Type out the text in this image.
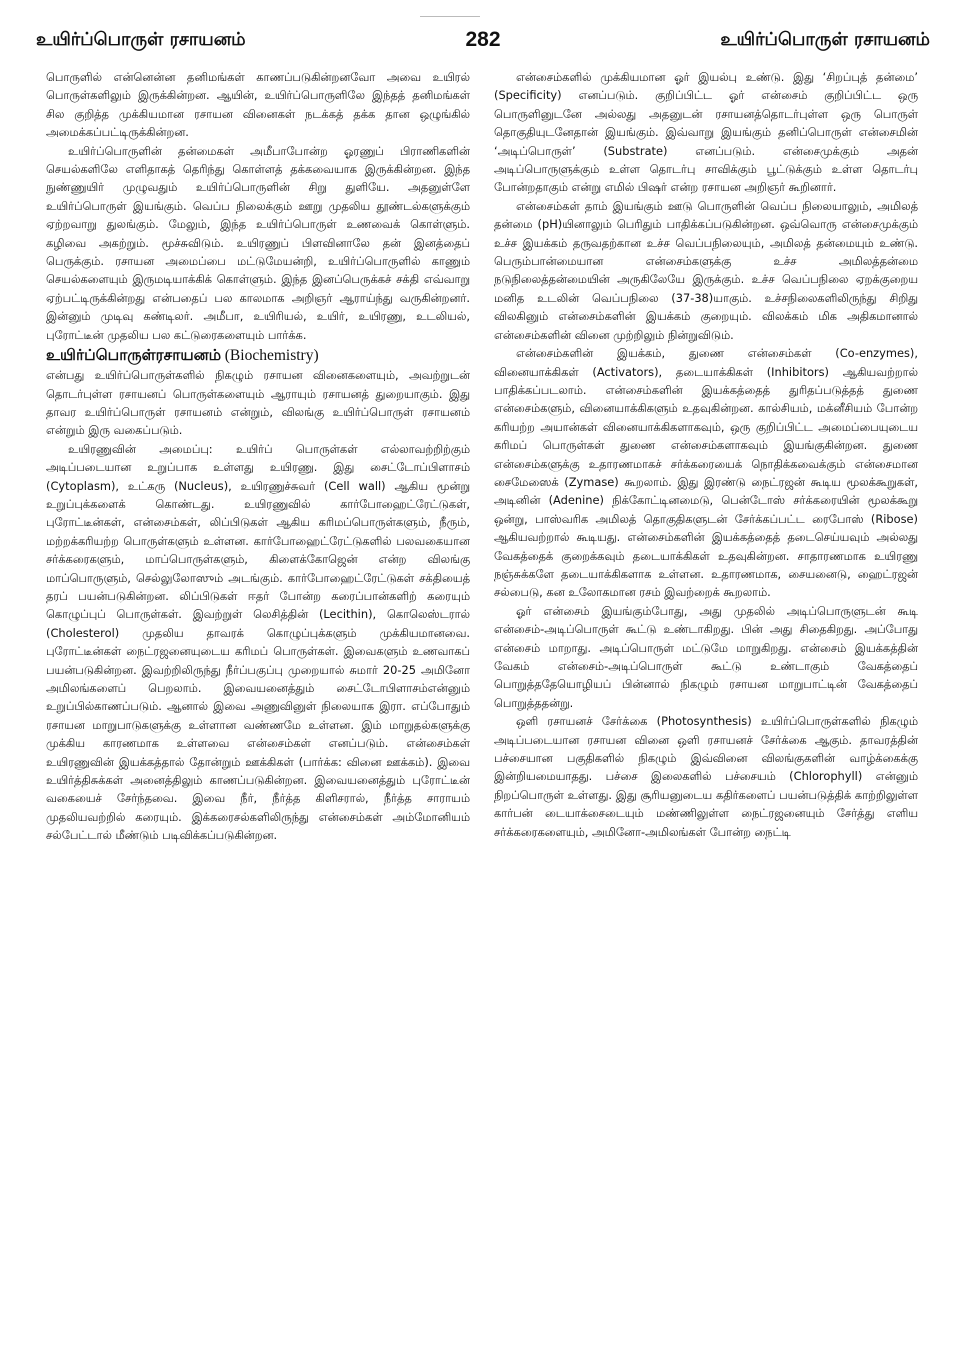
உயிர்ப்பொருள் ரசாயனம்	282	உயிர்ப்பொருள் ரசாயனம்

பொருளில் என்னென்ன தனிமங்கள் காணப்படுகின்றனவோ அவை உயிரல் பொருள்களிலும் இருக்கின்றன. ஆயின், உயிர்ப்பொருளிலே இந்தத் தனிமங்கள் சில குறித்த முக்கியமான ரசாயன வினைகள் நடக்கத் தக்க தான ஒழுங்கில் அமைக்கப்பட்டிருக்கின்றன.

உயிர்ப்பொருளின் தன்மைகள் அமீபாபோன்ற ஓரணுப் பிராணிகளின் செயல்களிலே எளிதாகத் தெரிந்து கொள்ளத் தக்கவையாக இருக்கின்றன. இந்த நுண்ணுயிர் முழுவதும் உயிர்ப்பொருளின் சிறு துளியே. அதனுள்ளே உயிர்ப்பொருள் இயங்கும். வெப்ப நிலைக்கும் ஊறு முதலிய தூண்டல்களுக்கும் ஏற்றவாறு துலங்கும். மேலும், இந்த உயிர்ப்பொருள் உணவைக் கொள்ளும். கழிவை அகற்றும். மூச்சுவிடும். உயிரணுப் பிளவினாலே தன் இனத்தைப் பெருக்கும். ரசாயன அமைப்பை மட்டுமேயன்றி, உயிர்ப்பொருளில் காணும் செயல்களையும் இருமடியாக்கிக் கொள்ளும். இந்த இனப்பெருக்கச் சக்தி எவ்வாறு ஏற்பட்டிருக்கின்றது என்பதைப் பல காலமாக அறிஞர் ஆராய்ந்து வருகின்றனர். இன்னும் முடிவு கண்டிலர். அமீபா, உயிரியல், உயிர், உயிரணு, உடலியல், புரோட்டீன் முதலிய பல கட்டுரைகளையும் பார்க்க.

உயிர்ப்பொருள்ரசாயனம் (Biochemistry)

என்பது உயிர்ப்பொருள்களில் நிகழும் ரசாயன வினைகளையும், அவற்றுடன் தொடர்புள்ள ரசாயனப் பொருள்களையும் ஆராயும் ரசாயனத் துறையாகும். இது தாவர உயிர்ப்பொருள் ரசாயனம் என்றும், விலங்கு உயிர்ப்பொருள் ரசாயனம் என்றும் இரு வகைப்படும்.

உயிரணுவின் அமைப்பு: உயிர்ப் பொருள்கள் எல்லாவற்றிற்கும் அடிப்படையான உறுப்பாக உள்ளது உயிரணு. இது சைட்டோப்பிளாசம் (Cytoplasm), உட்கரு (Nucleus), உயிரணுச்சுவர் (Cell wall) ஆகிய மூன்று உறுப்புக்களைக் கொண்டது. உயிரணுவில் கார்போஹைட்ரேட்டுகள், புரோட்டீன்கள், என்சைம்கள், லிப்பிடுகள் ஆகிய கரிமப்பொருள்களும், நீரும், மற்றக்கரியற்ற பொருள்களும் உள்ளன. கார்போஹைட்ரேட்டுகளில் பலவகையான சர்க்கரைகளும், மாப்பொருள்களும், கிளைக்கோஜென் என்ற விலங்கு மாப்பொருளும், செல்லுலோஸும் அடங்கும். கார்போஹைட்ரேட்டுகள் சக்தியைத் தரப் பயன்படுகின்றன. லிப்பிடுகள் ஈதர் போன்ற கரைப்பான்களிற் கரையும் கொழுப்புப் பொருள்கள். இவற்றுள் லெசித்தின் (Lecithin), கொலெஸ்டரால் (Cholesterol) முதலிய தாவரக் கொழுப்புக்களும் முக்கியமானவை. புரோட்டீன்கள் நைட்ரஜனையுடைய கரிமப் பொருள்கள். இவைகளும் உணவாகப் பயன்படுகின்றன. இவற்றிலிருந்து நீர்ப்பகுப்பு முறையால் சுமார் 20-25 அமினோ அமிலங்களைப் பெறலாம். இவையனைத்தும் சைட்டோபிளாசம்என்னும் உறுப்பில்காணப்படும். ஆனால் இவை அணுவினுள் நிலையாக இரா. எப்போதும் ரசாயன மாறுபாடுகளுக்கு உள்ளான வண்ணமே உள்ளன. இம் மாறுதல்களுக்கு முக்கிய காரணமாக உள்ளவை என்சைம்கள் எனப்படும். என்சைம்கள் உயிரணுவின் இயக்கத்தால் தோன்றும் ஊக்கிகள் (பார்க்க: வினை ஊக்கம்). இவை உயிர்த்திசுக்கள் அனைத்திலும் காணப்படுகின்றன. இவையனைத்தும் புரோட்டீன் வகையைச் சேர்ந்தவை. இவை நீர், நீர்த்த கிளிசரால், நீர்த்த சாராயம் முதலியவற்றில் கரையும். இக்கரைசல்களிலிருந்து என்சைம்கள் அம்மோனியம் சல்பேட்டால் மீண்டும் படிவிக்கப்படுகின்றன.

என்சைம்களில் முக்கியமான ஓர் இயல்பு உண்டு. இது ‘சிறப்புத் தன்மை’ (Specificity) எனப்படும். குறிப்பிட்ட ஓர் என்சைம் குறிப்பிட்ட ஒரு பொருளினுடனே அல்லது அதனுடன் ரசாயனத்தொடர்புள்ள ஒரு பொருள் தொகுதியுடனேதான் இயங்கும். இவ்வாறு இயங்கும் தனிப்பொருள் என்சைமின் ‘அடிப்பொருள்’ (Substrate) எனப்படும். என்சைமுக்கும் அதன் அடிப்பொருளுக்கும் உள்ள தொடர்பு சாவிக்கும் பூட்டுக்கும் உள்ள தொடர்பு போன்றதாகும் என்று எமில் பிஷர் என்ற ரசாயன அறிஞர் கூறினார்.

என்சைம்கள் தாம் இயங்கும் ஊடு பொருளின் வெப்ப நிலையாலும், அமிலத் தன்மை (pH)யினாலும் பெரிதும் பாதிக்கப்படுகின்றன. ஒவ்வொரு என்சைமுக்கும் உச்ச இயக்கம் தருவதற்கான உச்ச வெப்பநிலையும், அமிலத் தன்மையும் உண்டு. பெரும்பான்மையான என்சைம்களுக்கு உச்ச அமிலத்தன்மை நடுநிலைத்தன்மையின் அருகிலேயே இருக்கும். உச்ச வெப்பநிலை ஏறக்குறைய மனித உடலின் வெப்பநிலை (37-38)யாகும். உச்சநிலைகளிலிருந்து சிறிது விலகினும் என்சைம்களின் இயக்கம் குறையும். விலக்கம் மிக அதிகமானால் என்சைம்களின் வினை முற்றிலும் நின்றுவிடும்.

என்சைம்களின் இயக்கம், துணை என்சைம்கள் (Co-enzymes), வினையாக்கிகள் (Activators), தடையாக்கிகள் (Inhibitors) ஆகியவற்றால் பாதிக்கப்படலாம். என்சைம்களின் இயக்கத்தைத் துரிதப்படுத்தத் துணை என்சைம்களும், வினையாக்கிகளும் உதவுகின்றன. கால்சியம், மக்னீசியம் போன்ற கரியற்ற அயான்கள் வினையாக்கிகளாகவும், ஒரு குறிப்பிட்ட அமைப்பையுடைய கரிமப் பொருள்கள் துணை என்சைம்களாகவும் இயங்குகின்றன. துணை என்சைம்களுக்கு உதாரணமாகச் சர்க்கரையைக் நொதிக்கவைக்கும் என்சைமான சைமேஸைக் (Zymase) கூறலாம். இது இரண்டு நைட்ரஜன் கூடிய மூலக்கூறுகள், அடினின் (Adenine) நிக்கோட்டினமைடு, பென்டோஸ் சர்க்கரையின் மூலக்கூறு ஒன்று, பாஸ்வரிக அமிலத் தொகுதிகளுடன் சேர்க்கப்பட்ட ரைபோஸ் (Ribose) ஆகியவற்றால் கூடியது. என்சைம்களின் இயக்கத்தைத் தடைசெய்யவும் அல்லது வேகத்தைக் குறைக்கவும் தடையாக்கிகள் உதவுகின்றன. சாதாரணமாக உயிரணு நஞ்சுக்களே தடையாக்கிகளாக உள்ளன. உதாரணமாக, சையனைடு, ஹைட்ரஜன் சல்பைடு, கன உலோகமான ரசம் இவற்றைக் கூறலாம்.

ஓர் என்சைம் இயங்கும்போது, அது முதலில் அடிப்பொருளுடன் கூடி என்சைம்-அடிப்பொருள் கூட்டு உண்டாகிறது. பின் அது சிதைகிறது. அப்போது என்சைம் மாறாது. அடிப்பொருள் மட்டுமே மாறுகிறது. என்சைம் இயக்கத்தின் வேகம் என்சைம்-அடிப்பொருள் கூட்டு உண்டாகும் வேகத்தைப் பொறுத்ததேயொழியப் பின்னால் நிகழும் ரசாயன மாறுபாட்டின் வேகத்தைப் பொறுத்ததன்று.

ஒளி ரசாயனச் சேர்க்கை (Photosynthesis) உயிர்ப்பொருள்களில் நிகழும் அடிப்படையான ரசாயன வினை ஒளி ரசாயனச் சேர்க்கை ஆகும். தாவரத்தின் பச்சையான பகுதிகளில் நிகழும் இவ்வினை விலங்குகளின் வாழ்க்கைக்கு இன்றியமையாதது. பச்சை இலைகளில் பச்சையம் (Chlorophyll) என்னும் நிறப்பொருள் உள்ளது. இது சூரியனுடைய கதிர்களைப் பயன்படுத்திக் காற்றிலுள்ள கார்பன் டையாக்சைடையும் மண்ணிலுள்ள நைட்ரஜனையும் சேர்த்து எளிய சர்க்கரைகளையும், அமினோ-அமிலங்கள் போன்ற நைட்டி
